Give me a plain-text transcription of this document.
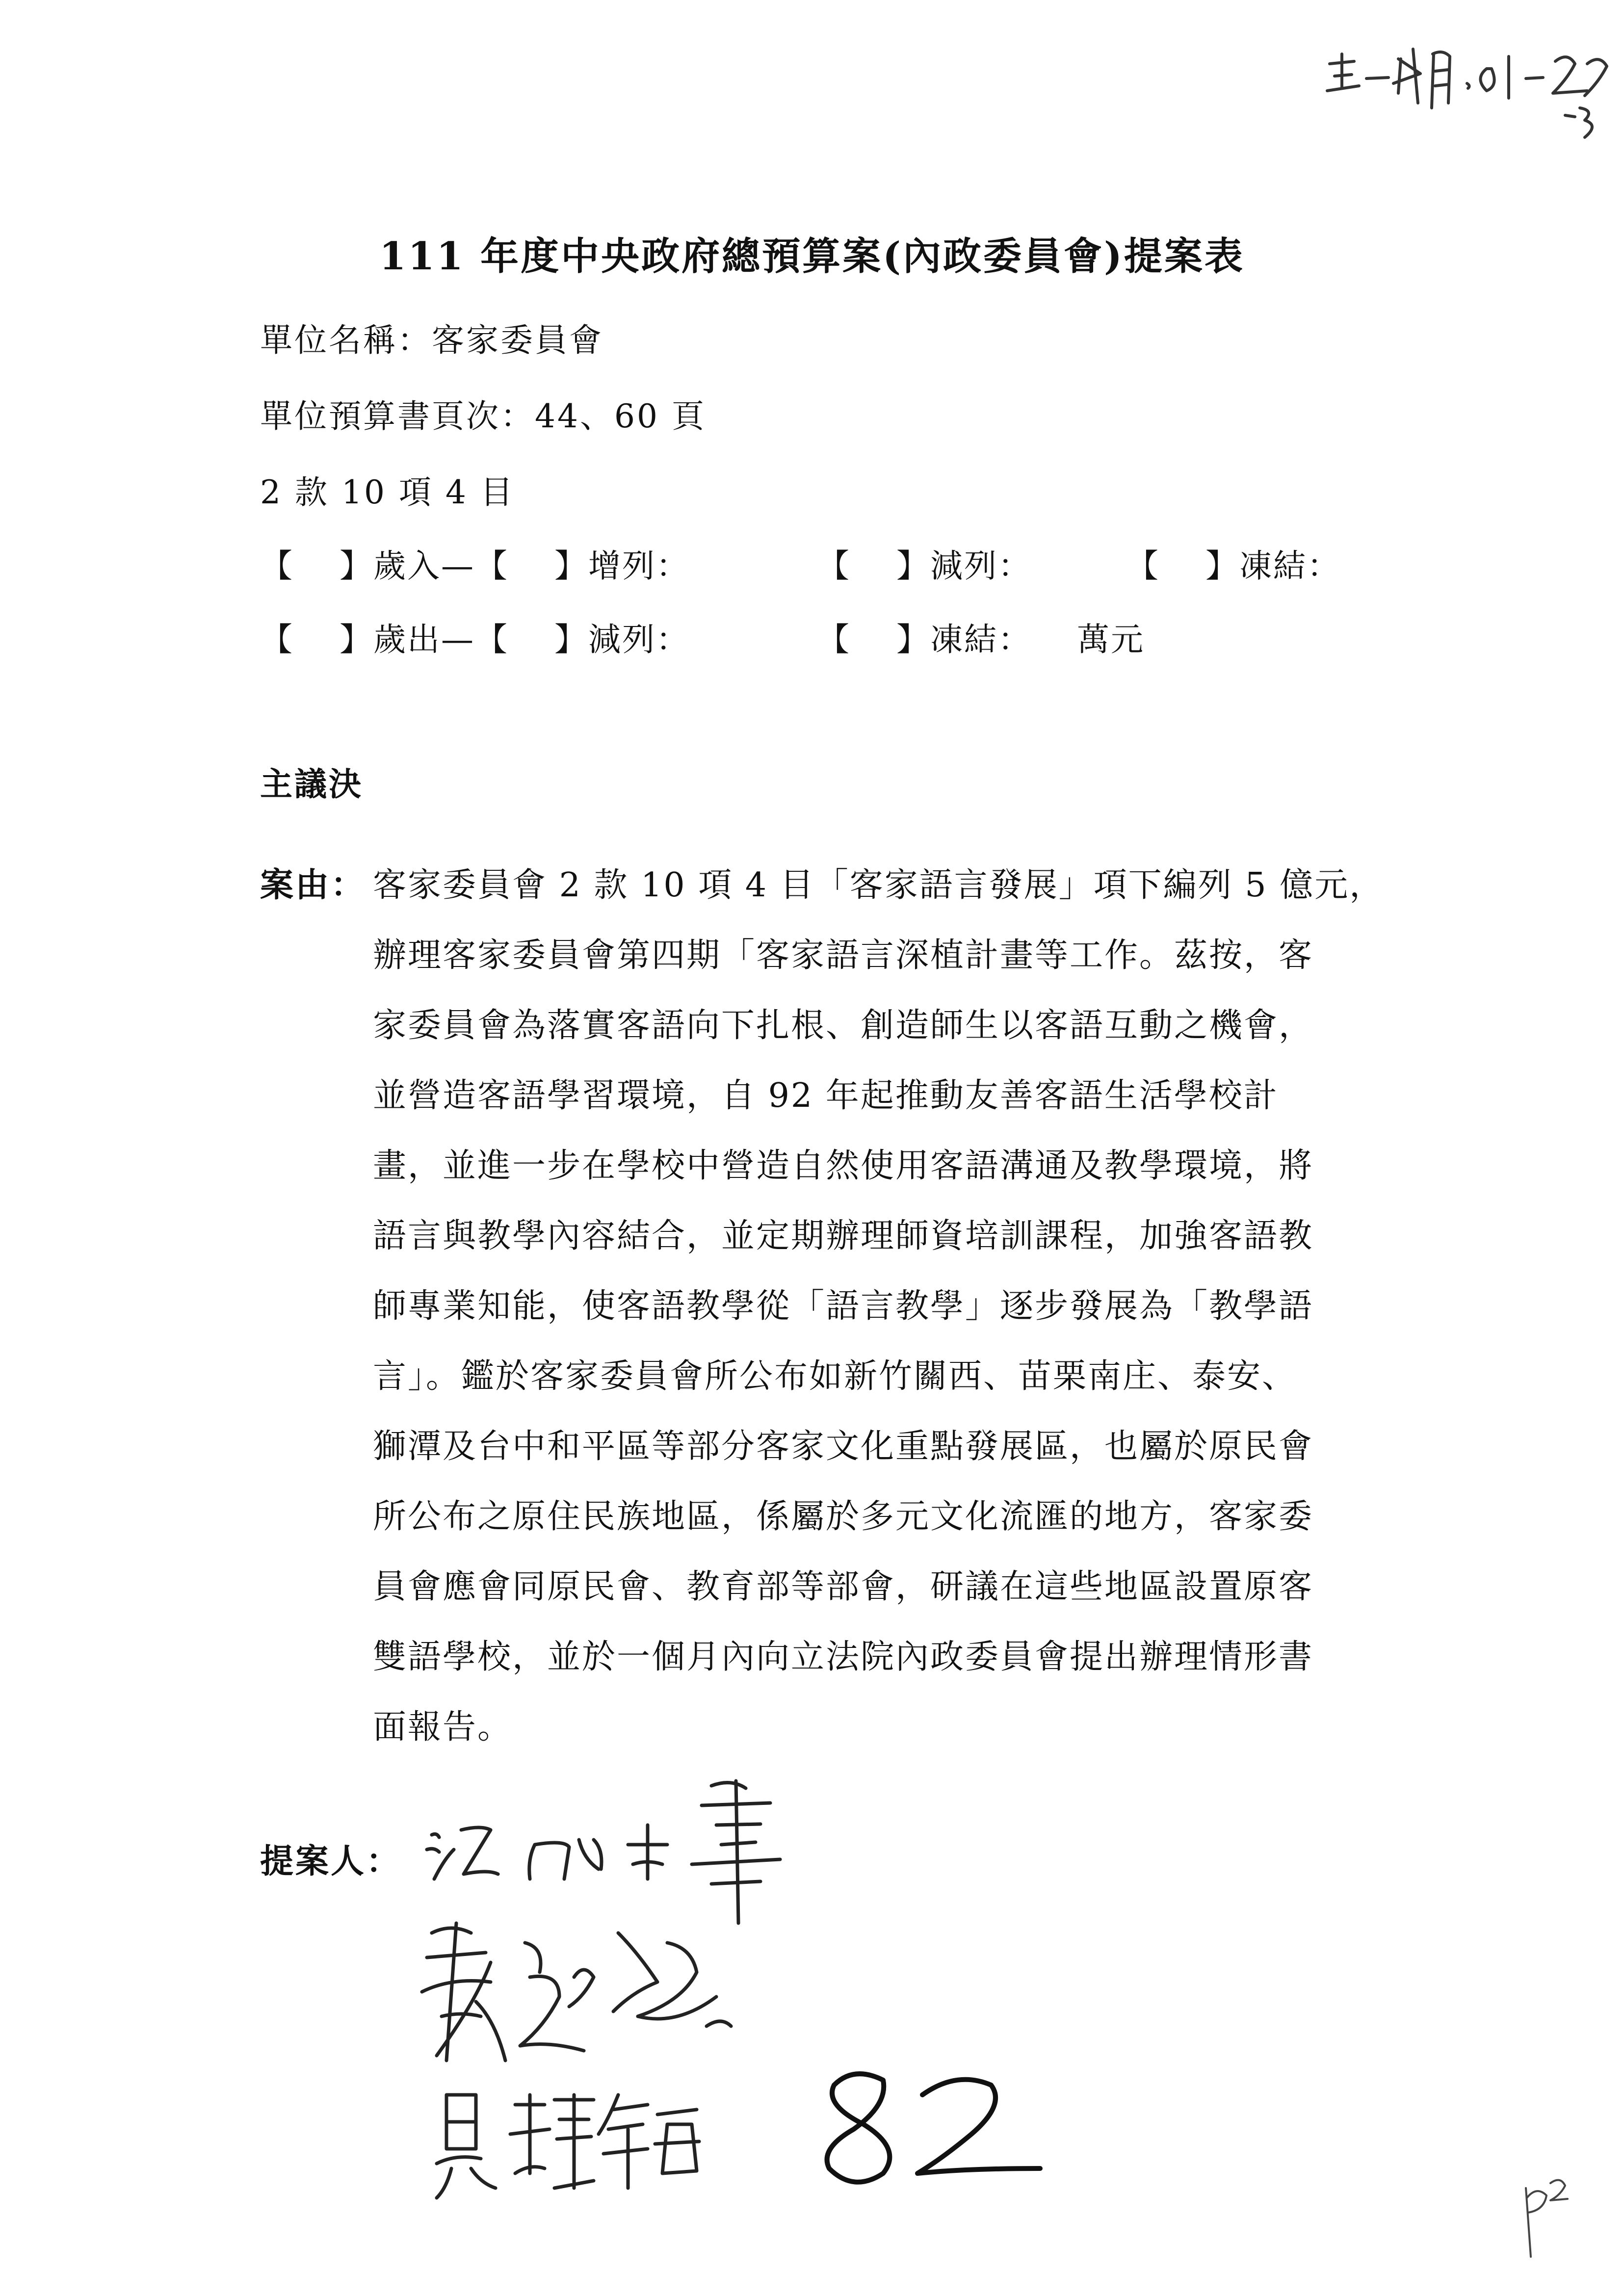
111 年度中央政府總預算案(內政委員會)提案表
單位名稱：客家委員會
單位預算書頁次：44、60 頁
2 款 10 項 4 目
【　 】歲入—【　 】增列：	【　 】減列：	【　 】凍結：
【　 】歲出—【　 】減列：	【　 】凍結： 萬元
主議決
案由： 客家委員會 2 款 10 項 4 目「客家語言發展」項下編列 5 億元，
辦理客家委員會第四期「客家語言深植計畫等工作。茲按，客
家委員會為落實客語向下扎根、創造師生以客語互動之機會，
並營造客語學習環境，自 92 年起推動友善客語生活學校計
畫，並進一步在學校中營造自然使用客語溝通及教學環境，將
語言與教學內容結合，並定期辦理師資培訓課程，加強客語教
師專業知能，使客語教學從「語言教學」逐步發展為「教學語
言」。鑑於客家委員會所公布如新竹關西、苗栗南庄、泰安、
獅潭及台中和平區等部分客家文化重點發展區，也屬於原民會
所公布之原住民族地區，係屬於多元文化流匯的地方，客家委
員會應會同原民會、教育部等部會，研議在這些地區設置原客
雙語學校，並於一個月內向立法院內政委員會提出辦理情形書
面報告。
提案人：
